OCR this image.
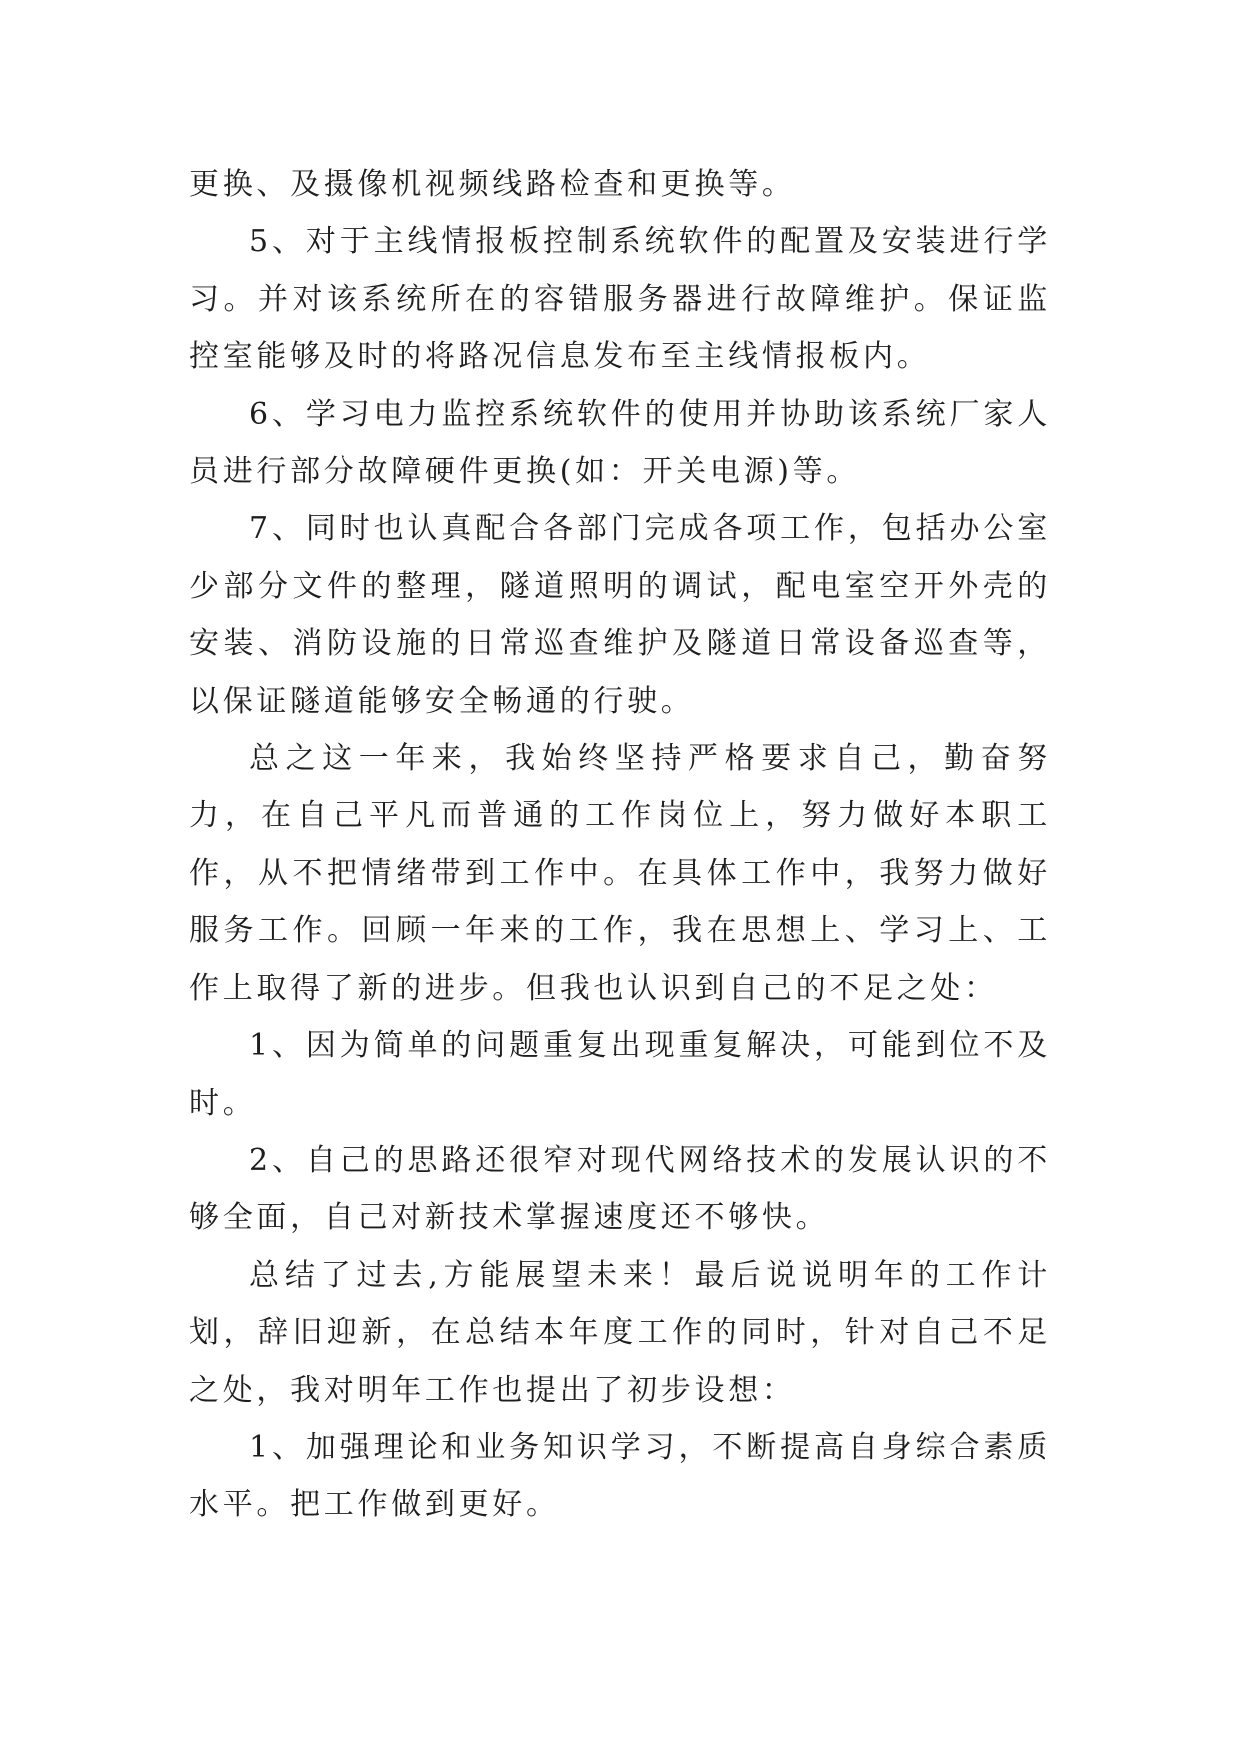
更换、及摄像机视频线路检查和更换等。

5、对于主线情报板控制系统软件的配置及安装进行学习。并对该系统所在的容错服务器进行故障维护。保证监控室能够及时的将路况信息发布至主线情报板内。

6、学习电力监控系统软件的使用并协助该系统厂家人员进行部分故障硬件更换(如：开关电源)等。

7、同时也认真配合各部门完成各项工作，包括办公室少部分文件的整理，隧道照明的调试，配电室空开外壳的安装、消防设施的日常巡查维护及隧道日常设备巡查等，以保证隧道能够安全畅通的行驶。

总之这一年来，我始终坚持严格要求自己，勤奋努力，在自己平凡而普通的工作岗位上，努力做好本职工作，从不把情绪带到工作中。在具体工作中，我努力做好服务工作。回顾一年来的工作，我在思想上、学习上、工作上取得了新的进步。但我也认识到自己的不足之处：

1、因为简单的问题重复出现重复解决，可能到位不及时。

2、自己的思路还很窄对现代网络技术的发展认识的不够全面，自己对新技术掌握速度还不够快。

总结了过去,方能展望未来！最后说说明年的工作计划，辞旧迎新，在总结本年度工作的同时，针对自己不足之处，我对明年工作也提出了初步设想：

1、加强理论和业务知识学习，不断提高自身综合素质水平。把工作做到更好。
